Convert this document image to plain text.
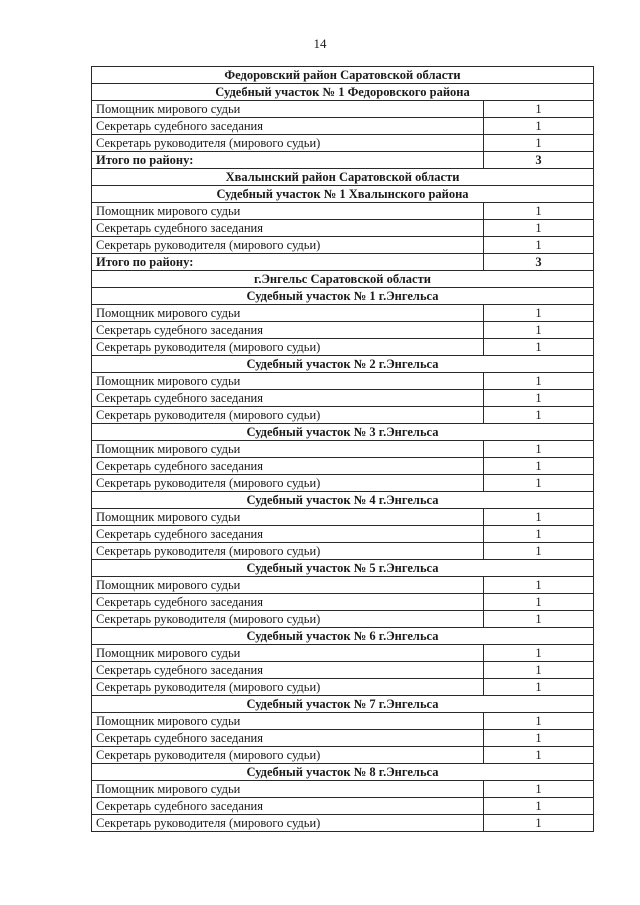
14
Федоровский район Саратовской области	
Судебный участок № 1 Федоровского района	
Помощник мирового судьи	1
Секретарь судебного заседания	1
Секретарь руководителя (мирового судьи)	1
Итого по району:	3
Хвалынский район Саратовской области	
Судебный участок № 1 Хвалынского района	
Помощник мирового судьи	1
Секретарь судебного заседания	1
Секретарь руководителя (мирового судьи)	1
Итого по району:	3
г.Энгельс Саратовской области	
Судебный участок № 1 г.Энгельса	
Помощник мирового судьи	1
Секретарь судебного заседания	1
Секретарь руководителя (мирового судьи)	1
Судебный участок № 2 г.Энгельса	
Помощник мирового судьи	1
Секретарь судебного заседания	1
Секретарь руководителя (мирового судьи)	1
Судебный участок № 3 г.Энгельса	
Помощник мирового судьи	1
Секретарь судебного заседания	1
Секретарь руководителя (мирового судьи)	1
Судебный участок № 4 г.Энгельса	
Помощник мирового судьи	1
Секретарь судебного заседания	1
Секретарь руководителя (мирового судьи)	1
Судебный участок № 5 г.Энгельса	
Помощник мирового судьи	1
Секретарь судебного заседания	1
Секретарь руководителя (мирового судьи)	1
Судебный участок № 6 г.Энгельса	
Помощник мирового судьи	1
Секретарь судебного заседания	1
Секретарь руководителя (мирового судьи)	1
Судебный участок № 7 г.Энгельса	
Помощник мирового судьи	1
Секретарь судебного заседания	1
Секретарь руководителя (мирового судьи)	1
Судебный участок № 8 г.Энгельса	
Помощник мирового судьи	1
Секретарь судебного заседания	1
Секретарь руководителя (мирового судьи)	1
